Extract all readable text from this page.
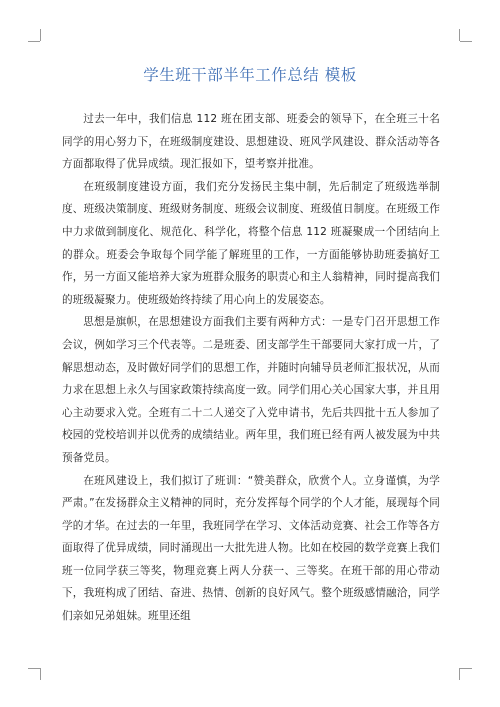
学生班干部半年工作总结 模板

过去一年中，我们信息 112 班在团支部、班委会的领导下，在全班三十名同学的用心努力下，在班级制度建设、思想建设、班风学风建设、群众活动等各方面都取得了优异成绩。现汇报如下，望考察并批准。

在班级制度建设方面，我们充分发扬民主集中制，先后制定了班级选举制度、班级决策制度、班级财务制度、班级会议制度、班级值日制度。在班级工作中力求做到制度化、规范化、科学化，将整个信息 112 班凝聚成一个团结向上的群众。班委会争取每个同学能了解班里的工作，一方面能够协助班委搞好工作，另一方面又能培养大家为班群众服务的职责心和主人翁精神，同时提高我们的班级凝聚力。使班级始终持续了用心向上的发展姿态。

思想是旗帜，在思想建设方面我们主要有两种方式：一是专门召开思想工作会议，例如学习三个代表等。二是班委、团支部学生干部要同大家打成一片，了解思想动态，及时做好同学们的思想工作，并随时向辅导员老师汇报状况，从而力求在思想上永久与国家政策持续高度一致。同学们用心关心国家大事，并且用心主动要求入党。全班有二十二人递交了入党申请书，先后共四批十五人参加了校园的党校培训并以优秀的成绩结业。两年里，我们班已经有两人被发展为中共预备党员。

在班风建设上，我们拟订了班训：“赞美群众，欣赏个人。立身谨慎，为学严肃。”在发扬群众主义精神的同时，充分发挥每个同学的个人才能，展现每个同学的才华。在过去的一年里，我班同学在学习、文体活动竞赛、社会工作等各方面取得了优异成绩，同时涌现出一大批先进人物。比如在校园的数学竞赛上我们班一位同学获三等奖，物理竞赛上两人分获一、三等奖。在班干部的用心带动下，我班构成了团结、奋进、热情、创新的良好风气。整个班级感情融洽，同学们亲如兄弟姐妹。班里还组
